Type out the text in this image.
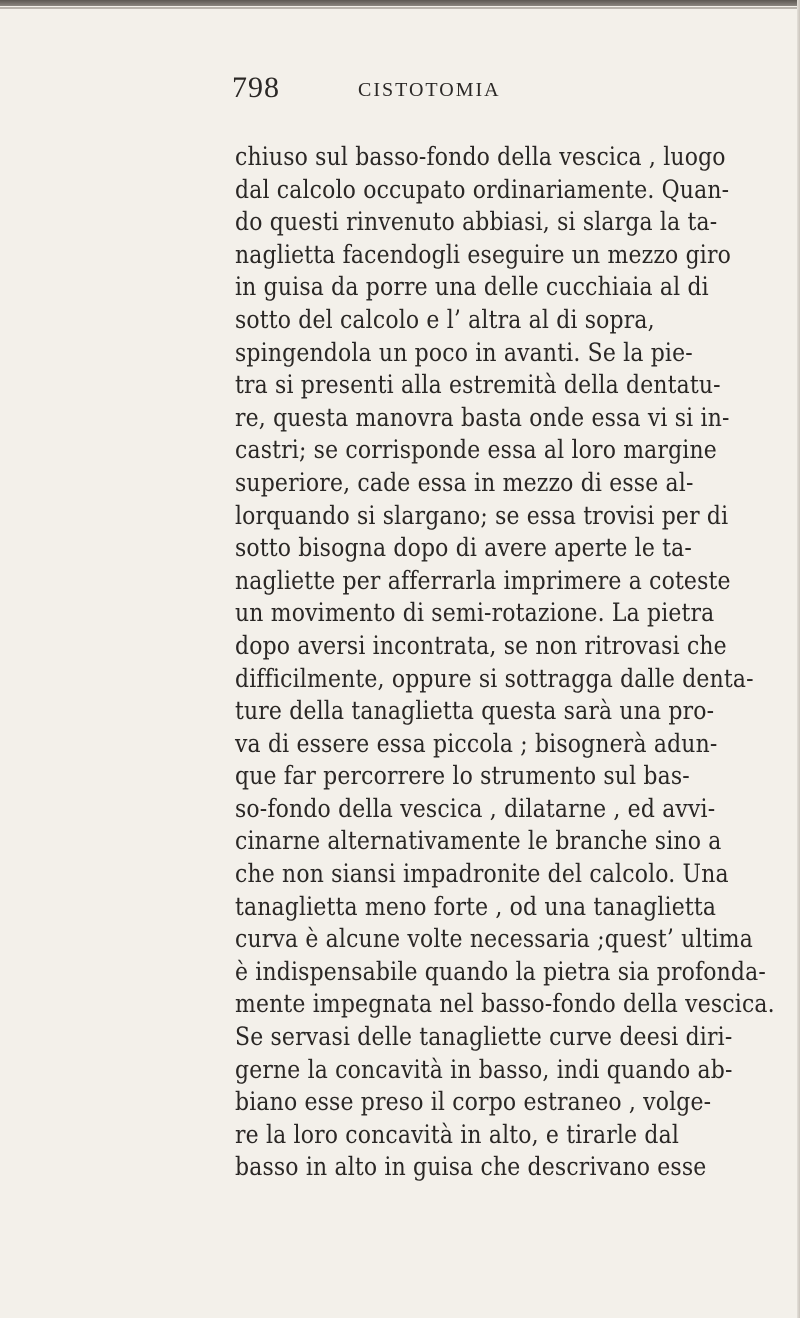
798	CISTOTOMIA
chiuso sul basso-fondo della vescica , luogo
dal calcolo occupato ordinariamente. Quan-
do questi rinvenuto abbiasi, si slarga la ta-
naglietta facendogli eseguire un mezzo giro
in guisa da porre una delle cucchiaia al di
sotto del calcolo e l’ altra al di sopra,
spingendola un poco in avanti. Se la pie-
tra si presenti alla estremità della dentatu-
re, questa manovra basta onde essa vi si in-
castri; se corrisponde essa al loro margine
superiore, cade essa in mezzo di esse al-
lorquando si slargano; se essa trovisi per di
sotto bisogna dopo di avere aperte le ta-
nagliette per afferrarla imprimere a coteste
un movimento di semi-rotazione. La pietra
dopo aversi incontrata, se non ritrovasi che
difficilmente, oppure si sottragga dalle denta-
ture della tanaglietta questa sarà una pro-
va di essere essa piccola ; bisognerà adun-
que far percorrere lo strumento sul bas-
so-fondo della vescica , dilatarne , ed avvi-
cinarne alternativamente le branche sino a
che non siansi impadronite del calcolo. Una
tanaglietta meno forte , od una tanaglietta
curva è alcune volte necessaria ;quest’ ultima
è indispensabile quando la pietra sia profonda-
mente impegnata nel basso-fondo della vescica.
Se servasi delle tanagliette curve deesi diri-
gerne la concavità in basso, indi quando ab-
biano esse preso il corpo estraneo , volge-
re la loro concavità in alto, e tirarle dal
basso in alto in guisa che descrivano esse
